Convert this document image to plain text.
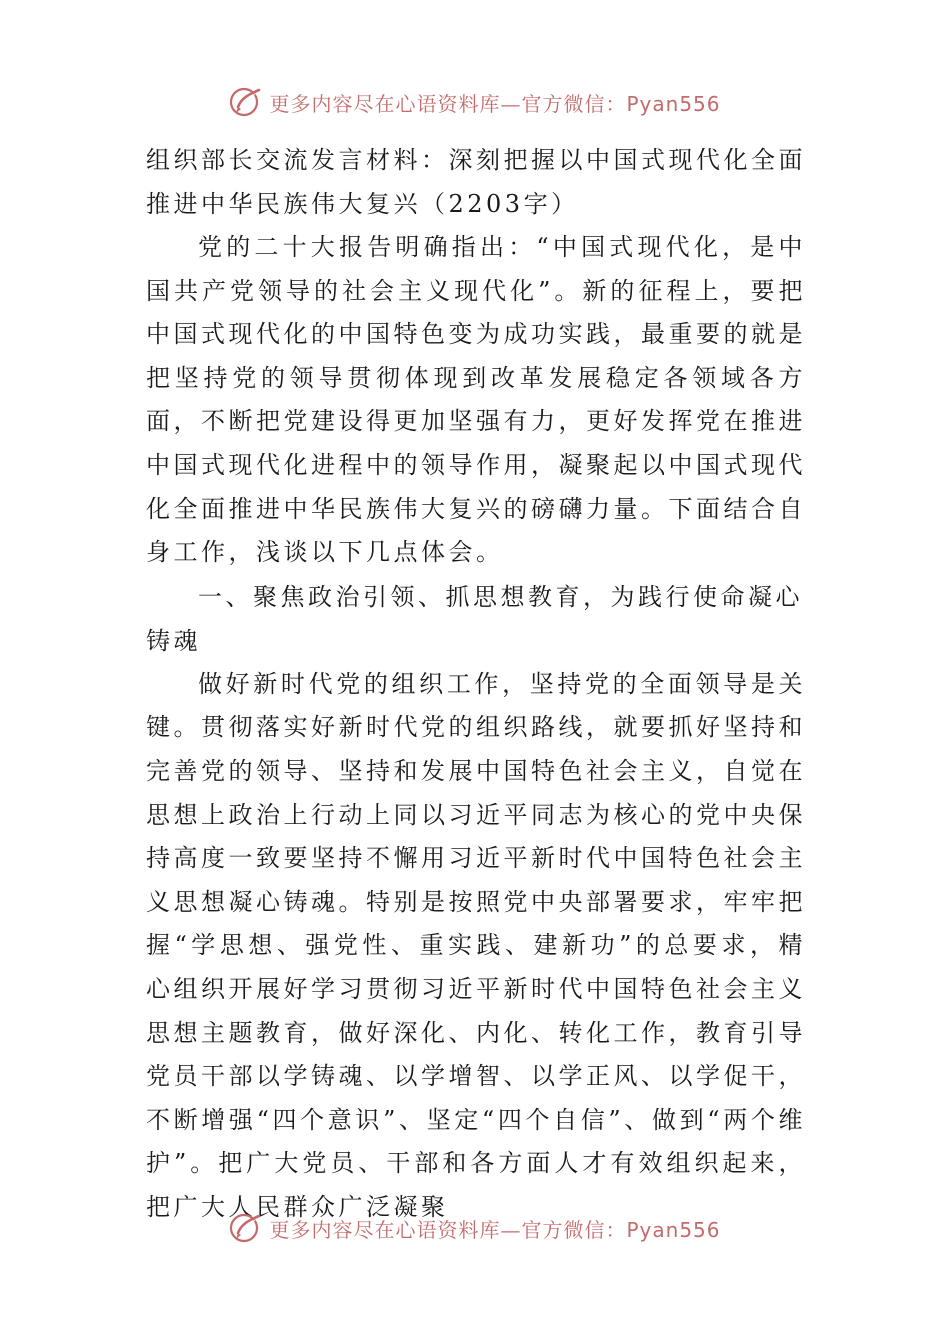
更多内容尽在心语资料库—官方微信：Pyan556

组织部长交流发言材料：深刻把握以中国式现代化全面推进中华民族伟大复兴（2203字）

党的二十大报告明确指出：“中国式现代化，是中国共产党领导的社会主义现代化”。新的征程上，要把中国式现代化的中国特色变为成功实践，最重要的就是把坚持党的领导贯彻体现到改革发展稳定各领域各方面，不断把党建设得更加坚强有力，更好发挥党在推进中国式现代化进程中的领导作用，凝聚起以中国式现代化全面推进中华民族伟大复兴的磅礴力量。下面结合自身工作，浅谈以下几点体会。

一、聚焦政治引领、抓思想教育，为践行使命凝心铸魂

做好新时代党的组织工作，坚持党的全面领导是关键。贯彻落实好新时代党的组织路线，就要抓好坚持和完善党的领导、坚持和发展中国特色社会主义，自觉在思想上政治上行动上同以习近平同志为核心的党中央保持高度一致要坚持不懈用习近平新时代中国特色社会主义思想凝心铸魂。特别是按照党中央部署要求，牢牢把握“学思想、强党性、重实践、建新功”的总要求，精心组织开展好学习贯彻习近平新时代中国特色社会主义思想主题教育，做好深化、内化、转化工作，教育引导党员干部以学铸魂、以学增智、以学正风、以学促干，不断增强“四个意识”、坚定“四个自信”、做到“两个维护”。把广大党员、干部和各方面人才有效组织起来，把广大人民群众广泛凝聚

更多内容尽在心语资料库—官方微信：Pyan556
